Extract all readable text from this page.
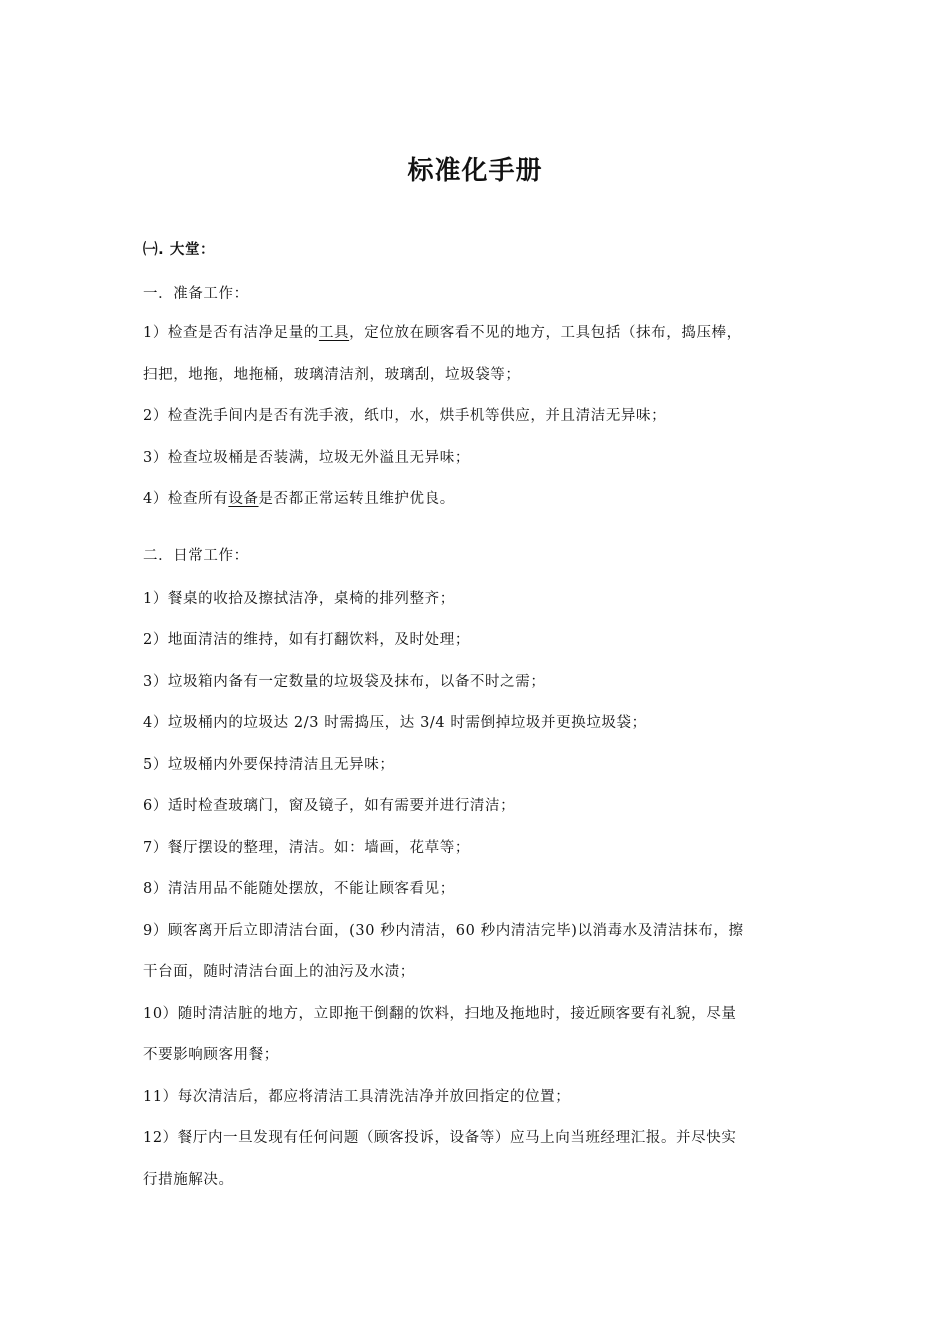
标准化手册
㈠. 大堂：
一．准备工作：
1）检查是否有洁净足量的工具，定位放在顾客看不见的地方，工具包括（抹布，捣压棒，
扫把，地拖，地拖桶，玻璃清洁剂，玻璃刮，垃圾袋等；
2）检查洗手间内是否有洗手液，纸巾，水，烘手机等供应，并且清洁无异味；
3）检查垃圾桶是否装满，垃圾无外溢且无异味；
4）检查所有设备是否都正常运转且维护优良。
二．日常工作：
1）餐桌的收拾及擦拭洁净，桌椅的排列整齐；
2）地面清洁的维持，如有打翻饮料，及时处理；
3）垃圾箱内备有一定数量的垃圾袋及抹布，以备不时之需；
4）垃圾桶内的垃圾达 2/3 时需捣压，达 3/4 时需倒掉垃圾并更换垃圾袋；
5）垃圾桶内外要保持清洁且无异味；
6）适时检查玻璃门，窗及镜子，如有需要并进行清洁；
7）餐厅摆设的整理，清洁。如：墙画，花草等；
8）清洁用品不能随处摆放，不能让顾客看见；
9）顾客离开后立即清洁台面，(30 秒内清洁，60 秒内清洁完毕)以消毒水及清洁抹布，擦
干台面，随时清洁台面上的油污及水渍；
10）随时清洁脏的地方，立即拖干倒翻的饮料，扫地及拖地时，接近顾客要有礼貌，尽量
不要影响顾客用餐；
11）每次清洁后，都应将清洁工具清洗洁净并放回指定的位置；
12）餐厅内一旦发现有任何问题（顾客投诉，设备等）应马上向当班经理汇报。并尽快实
行措施解决。
